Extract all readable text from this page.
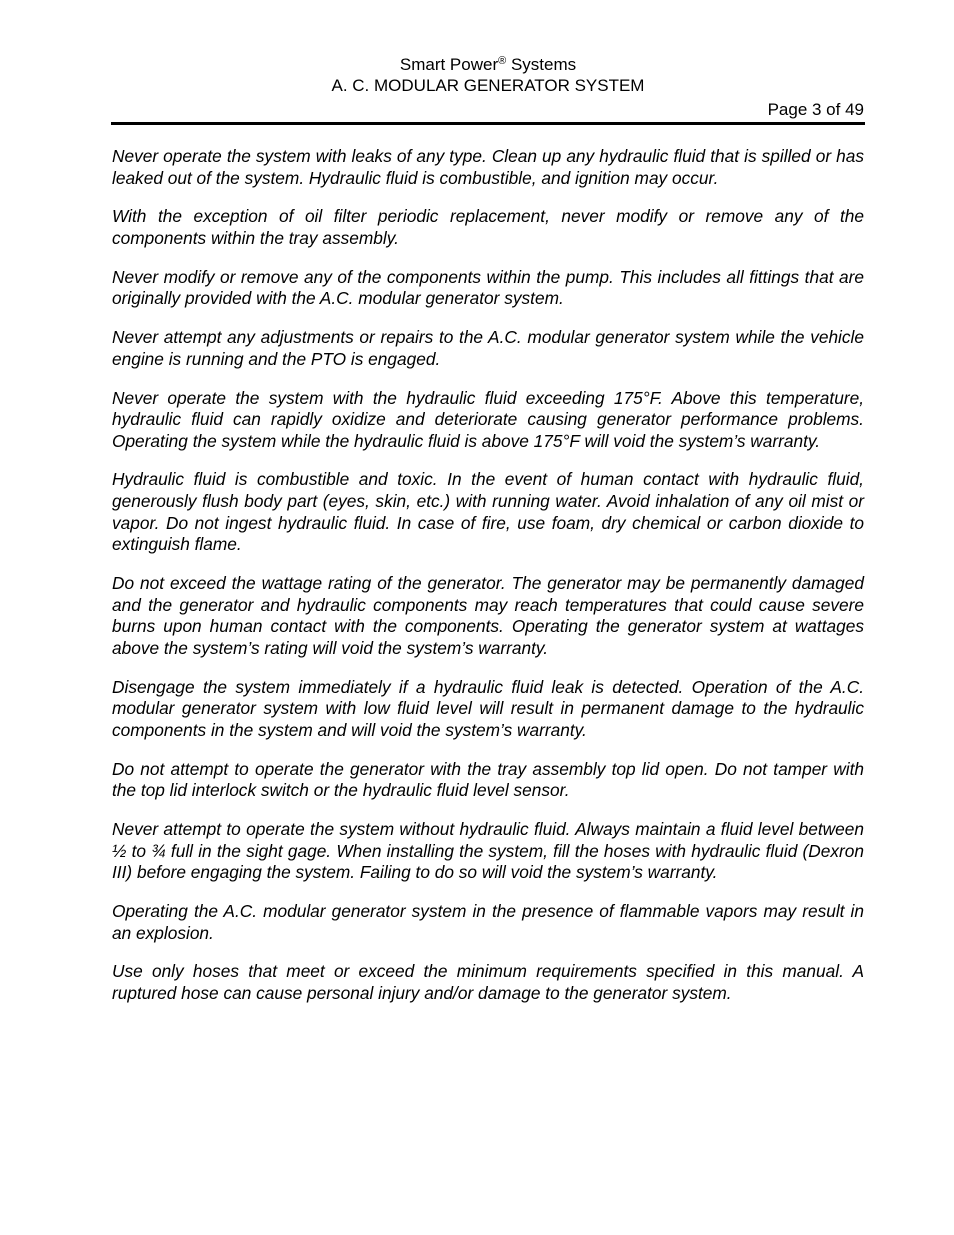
Smart Power® Systems
A. C. MODULAR GENERATOR SYSTEM
Page 3 of 49

Never operate the system with leaks of any type. Clean up any hydraulic fluid that is spilled or has leaked out of the system. Hydraulic fluid is combustible, and ignition may occur.

With the exception of oil filter periodic replacement, never modify or remove any of the components within the tray assembly.

Never modify or remove any of the components within the pump. This includes all fittings that are originally provided with the A.C. modular generator system.

Never attempt any adjustments or repairs to the A.C. modular generator system while the vehicle engine is running and the PTO is engaged.

Never operate the system with the hydraulic fluid exceeding 175°F. Above this temperature, hydraulic fluid can rapidly oxidize and deteriorate causing generator performance problems. Operating the system while the hydraulic fluid is above 175°F will void the system’s warranty.

Hydraulic fluid is combustible and toxic. In the event of human contact with hydraulic fluid, generously flush body part (eyes, skin, etc.) with running water. Avoid inhalation of any oil mist or vapor. Do not ingest hydraulic fluid. In case of fire, use foam, dry chemical or carbon dioxide to extinguish flame.

Do not exceed the wattage rating of the generator. The generator may be permanently damaged and the generator and hydraulic components may reach temperatures that could cause severe burns upon human contact with the components. Operating the generator system at wattages above the system’s rating will void the system’s warranty.

Disengage the system immediately if a hydraulic fluid leak is detected. Operation of the A.C. modular generator system with low fluid level will result in permanent damage to the hydraulic components in the system and will void the system’s warranty.

Do not attempt to operate the generator with the tray assembly top lid open. Do not tamper with the top lid interlock switch or the hydraulic fluid level sensor.

Never attempt to operate the system without hydraulic fluid. Always maintain a fluid level between ½ to ¾ full in the sight gage. When installing the system, fill the hoses with hydraulic fluid (Dexron III) before engaging the system. Failing to do so will void the system’s warranty.

Operating the A.C. modular generator system in the presence of flammable vapors may result in an explosion.

Use only hoses that meet or exceed the minimum requirements specified in this manual. A ruptured hose can cause personal injury and/or damage to the generator system.
